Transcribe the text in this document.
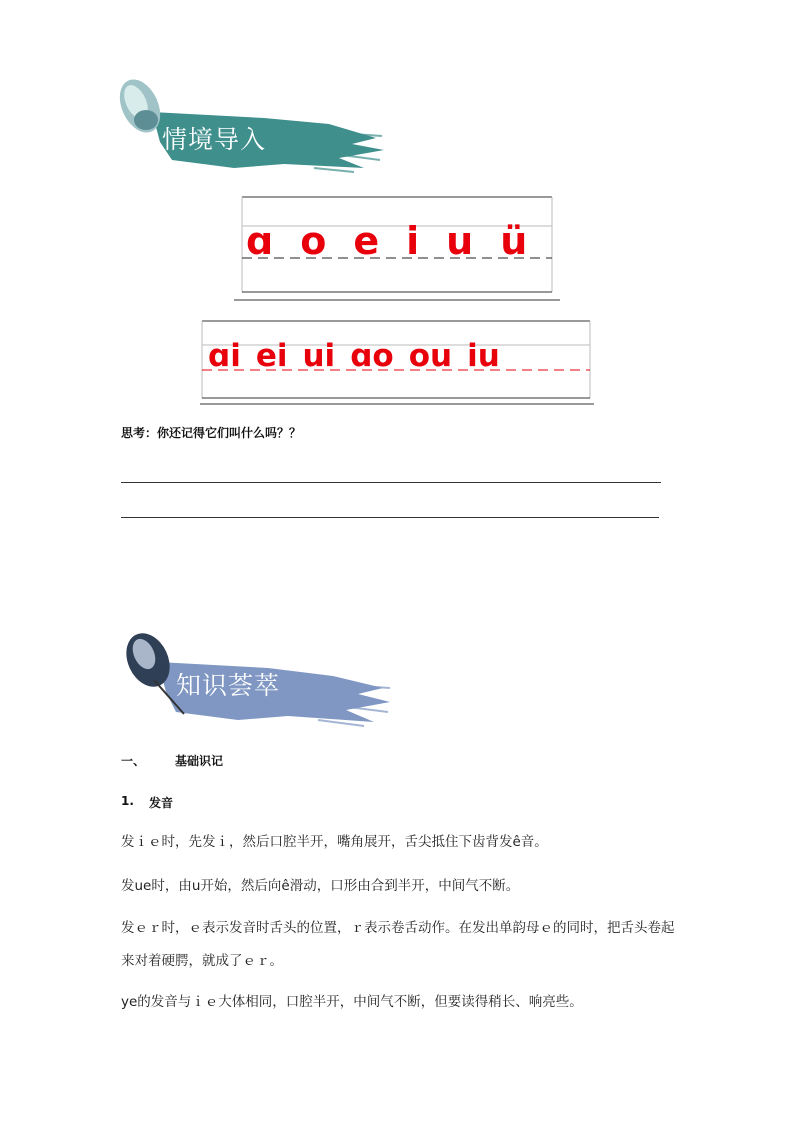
情境导入
ɑ o e i u ü
ɑi ei ui ɑo ou iu
思考：你还记得它们叫什么吗？？
知识荟萃
一、 基础识记
1. 发音
发ｉｅ时，先发ｉ，然后口腔半开，嘴角展开，舌尖抵住下齿背发ê音。
发ue时，由u开始，然后向ê滑动，口形由合到半开，中间气不断。
发ｅｒ时，ｅ表示发音时舌头的位置，ｒ表示卷舌动作。在发出单韵母ｅ的同时，把舌头卷起来对着硬腭，就成了ｅｒ。
ye的发音与ｉｅ大体相同，口腔半开，中间气不断，但要读得稍长、响亮些。
